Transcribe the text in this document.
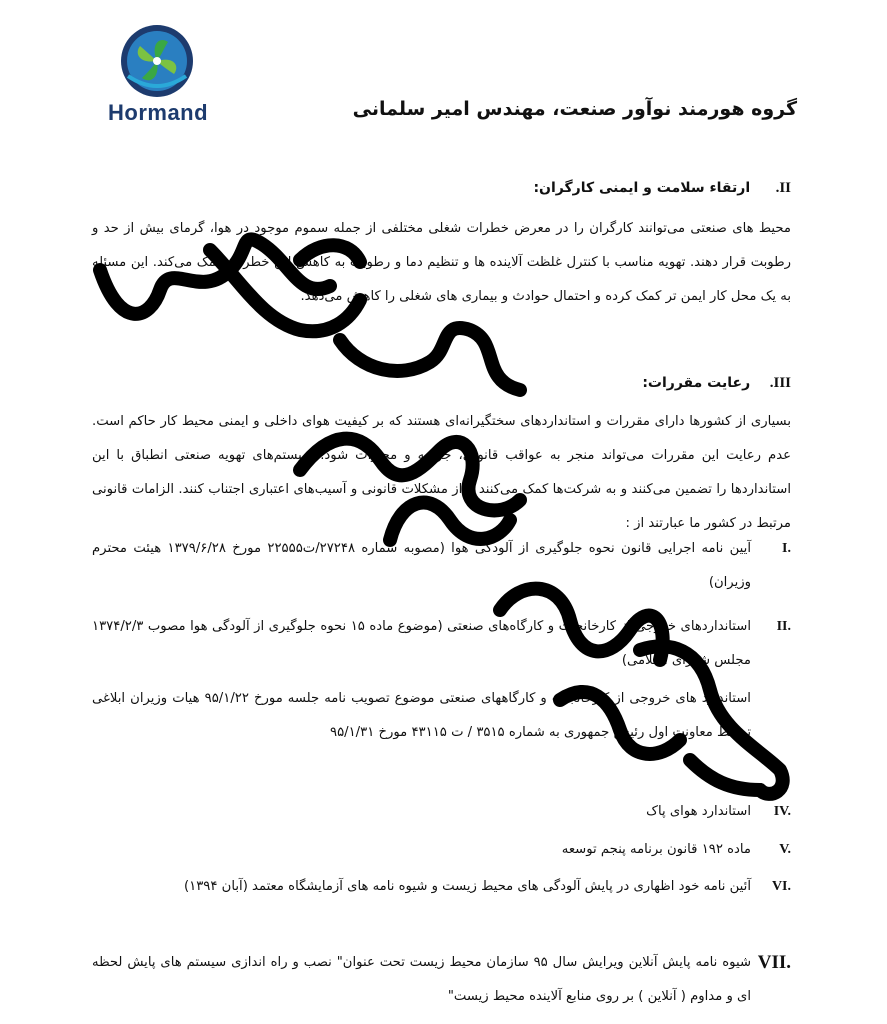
Hormand	گروه هورمند نوآور صنعت، مهندس امیر سلمانی
II. ارتقاء سلامت و ایمنی کارگران:

محیط های صنعتی می‌توانند کارگران را در معرض خطرات شغلی مختلفی از جمله سموم موجود در هوا، گرمای بیش از حد و رطوبت قرار دهند. تهویه مناسب با کنترل غلظت آلاینده ها و تنظیم دما و رطوبت به کاهش این خطرات کمک می‌کند. این مسئله به یک محل کار ایمن تر کمک کرده و احتمال حوادث و بیماری های شغلی را کاهش می‌دهد.

III. رعایت مقررات:

بسیاری از کشورها دارای مقررات و استانداردهای سختگیرانه‌ای هستند که بر کیفیت هوای داخلی و ایمنی محیط کار حاکم است. عدم رعایت این مقررات می‌تواند منجر به عواقب قانونی، جریمه و مجازات شود. سیستم‌های تهویه صنعتی انطباق با این استانداردها را تضمین می‌کنند و به شرکت‌ها کمک می‌کنند تا از مشکلات قانونی و آسیب‌های اعتباری اجتناب کنند. الزامات قانونی مرتبط در کشور ما عبارتند از :

I.
آیین نامه اجرایی قانون نحوه جلوگیری از آلودگی هوا (مصوبه شماره ۲۷۲۴۸/ت۲۲۵۵۵ مورخ ۱۳۷۹/۶/۲۸ هیئت محترم وزیران)
II.
استانداردهای خروجی از کارخانجات و کارگاه‌های صنعتی (موضوع ماده ۱۵ نحوه جلوگیری از آلودگی هوا مصوب ۱۳۷۴/۲/۳ مجلس شورای اسلامی)
استاندارد های خروجی از کارخانجات و کارگاههای صنعتی موضوع تصویب نامه جلسه مورخ ۹۵/۱/۲۲ هیات وزیران ابلاغی توسط معاونت اول رئیس جمهوری به شماره ۳۵۱۵ / ت ۴۳۱۱۵ مورخ ۹۵/۱/۳۱
IV.
استاندارد هوای پاک
V.
ماده ۱۹۲ قانون برنامه پنجم توسعه
VI.
آئین نامه خود اظهاری در پایش آلودگی های محیط زیست و شیوه نامه های آزمایشگاه معتمد (آبان ۱۳۹۴)
VII.
شیوه نامه پایش آنلاین ویرایش سال ۹۵ سازمان محیط زیست تحت عنوان" نصب و راه اندازی سیستم های پایش لحظه ای و مداوم ( آنلاین ) بر روی منابع آلاینده محیط زیست"
